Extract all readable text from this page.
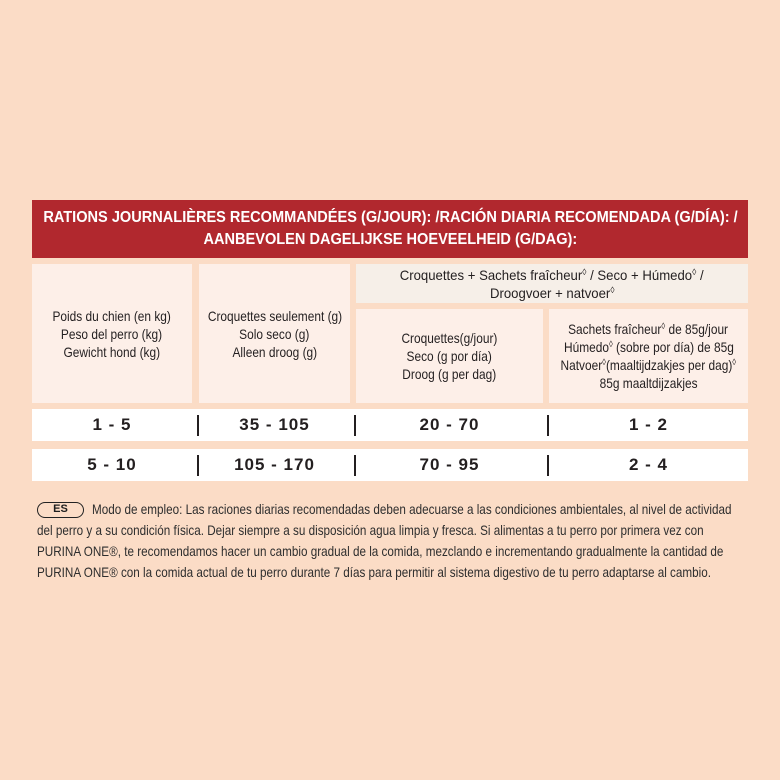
RATIONS JOURNALIÈRES RECOMMANDÉES (G/JOUR): /RACIÓN DIARIA RECOMENDADA (G/DÍA): /
AANBEVOLEN DAGELIJKSE HOEVEELHEID (G/DAG):
Poids du chien (en kg)
Peso del perro (kg)
Gewicht hond (kg)
Croquettes seulement (g)
Solo seco (g)
Alleen droog (g)
Croquettes + Sachets fraîcheur◊ / Seco + Húmedo◊ /
Droogvoer + natvoer◊
Croquettes(g/jour)
Seco (g por día)
Droog (g per dag)
Sachets fraîcheur◊ de 85g/jour
Húmedo◊ (sobre por día) de 85g
Natvoer◊(maaltijdzakjes per dag)◊
85g maaltdijzakjes
1 - 5	35 - 105	20 - 70	1 - 2
5 - 10	105 - 170	70 - 95	2 - 4
ES	Modo de empleo: Las raciones diarias recomendadas deben adecuarse a las condiciones ambientales, al nivel de actividad
del perro y a su condición física. Dejar siempre a su disposición agua limpia y fresca. Si alimentas a tu perro por primera vez con
PURINA ONE®, te recomendamos hacer un cambio gradual de la comida, mezclando e incrementando gradualmente la cantidad de
PURINA ONE® con la comida actual de tu perro durante 7 días para permitir al sistema digestivo de tu perro adaptarse al cambio.
